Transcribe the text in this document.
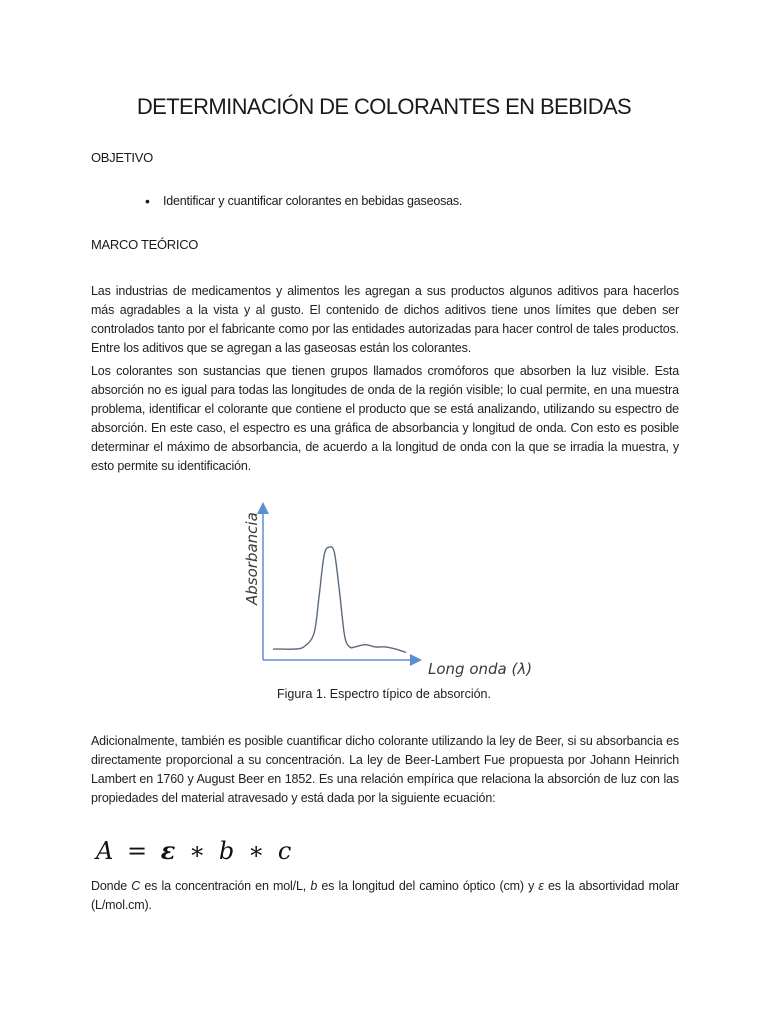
DETERMINACIÓN DE COLORANTES EN BEBIDAS
OBJETIVO
• Identificar y cuantificar colorantes en bebidas gaseosas.
MARCO TEÓRICO

Las industrias de medicamentos y alimentos les agregan a sus productos algunos aditivos para hacerlos más agradables a la vista y al gusto. El contenido de dichos aditivos tiene unos límites que deben ser controlados tanto por el fabricante como por las entidades autorizadas para hacer control de tales productos. Entre los aditivos que se agregan a las gaseosas están los colorantes.

Los colorantes son sustancias que tienen grupos llamados cromóforos que absorben la luz visible. Esta absorción no es igual para todas las longitudes de onda de la región visible; lo cual permite, en una muestra problema, identificar el colorante que contiene el producto que se está analizando, utilizando su espectro de absorción. En este caso, el espectro es una gráfica de absorbancia y longitud de onda. Con esto es posible determinar el máximo de absorbancia, de acuerdo a la longitud de onda con la que se irradia la muestra, y esto permite su identificación.

Absorbancia
Long onda (λ)
Figura 1. Espectro típico de absorción.

Adicionalmente, también es posible cuantificar dicho colorante utilizando la ley de Beer, si su absorbancia es directamente proporcional a su concentración. La ley de Beer-Lambert Fue propuesta por Johann Heinrich Lambert en 1760 y August Beer en 1852. Es una relación empírica que relaciona la absorción de luz con las propiedades del material atravesado y está dada por la siguiente ecuación:

A = ε ∗ b ∗ c

Donde C es la concentración en mol/L, b es la longitud del camino óptico (cm) y ε es la absortividad molar (L/mol.cm).
